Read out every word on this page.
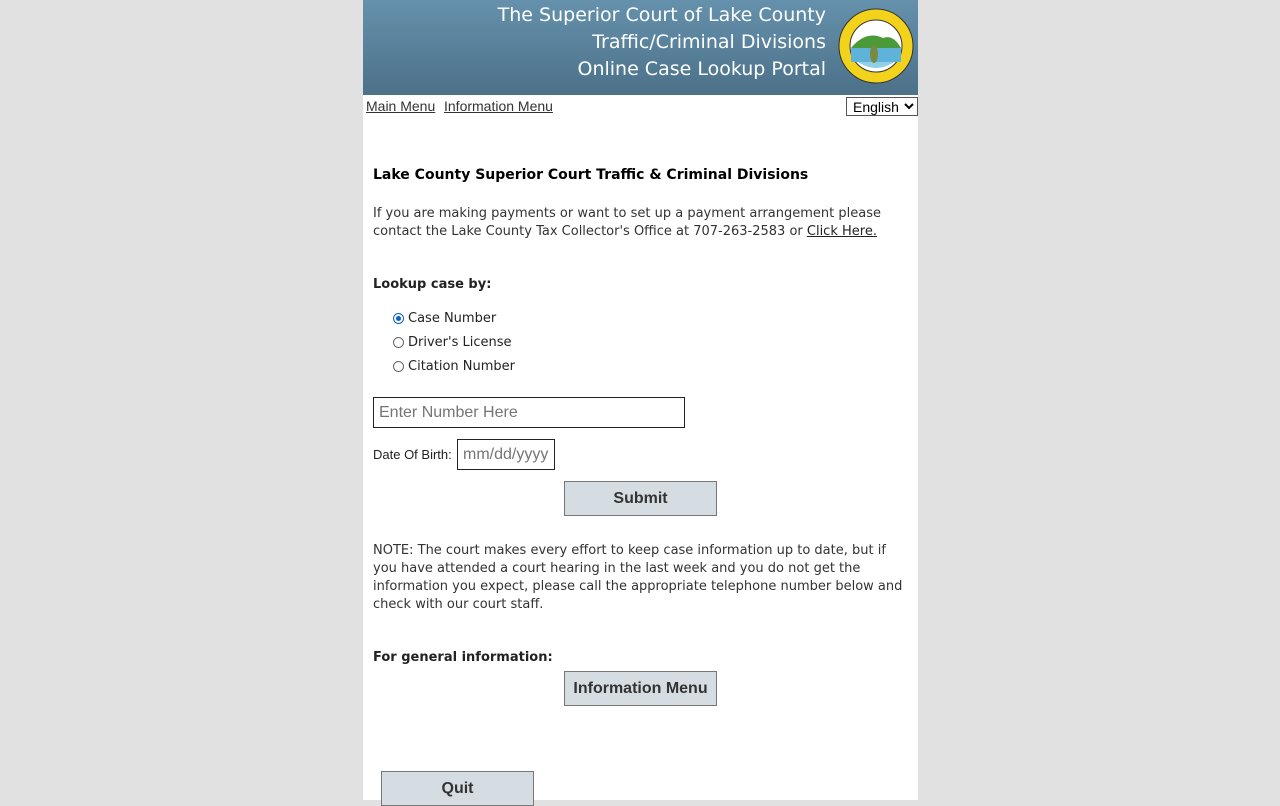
The Superior Court of Lake County
Traffic/Criminal Divisions
Online Case Lookup Portal
Main Menu Information Menu
English
Lake County Superior Court Traffic & Criminal Divisions
If you are making payments or want to set up a payment arrangement please contact the Lake County Tax Collector's Office at 707-263-2583 or Click Here.
Lookup case by:
Case Number
Driver's License
Citation Number
Enter Number Here
Date Of Birth:
mm/dd/yyyy
Submit
NOTE: The court makes every effort to keep case information up to date, but if you have attended a court hearing in the last week and you do not get the information you expect, please call the appropriate telephone number below and check with our court staff.
For general information:
Information Menu
Quit
